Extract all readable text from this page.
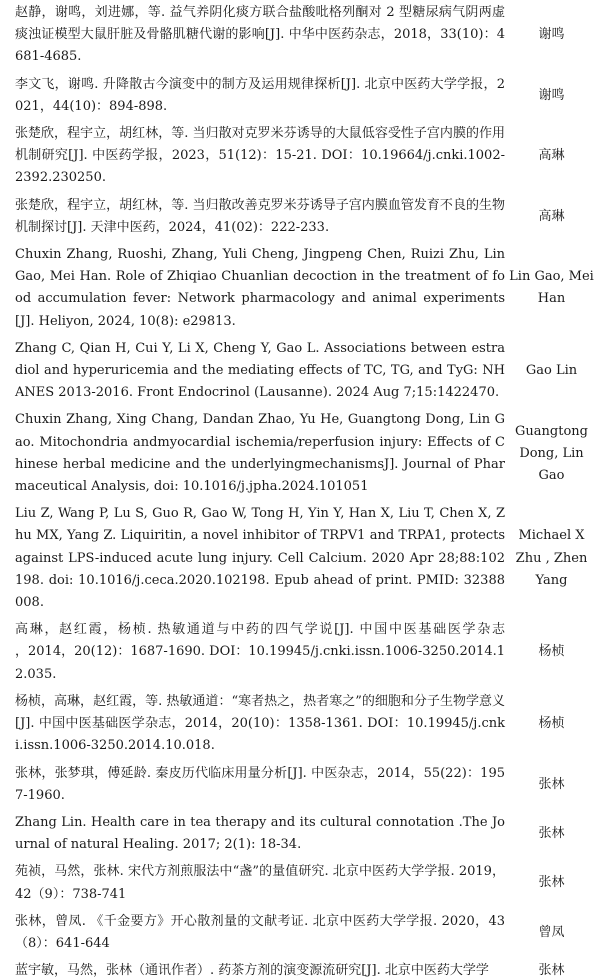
赵静，谢鸣，刘进娜，等. 益气养阴化痰方联合盐酸吡格列酮对 2 型糖尿病气阴两虚痰浊证模型大鼠肝脏及骨骼肌糖代谢的影响[J]. 中华中医药杂志，2018，33(10)：4681-4685.	谢鸣
李文飞，谢鸣. 升降散古今演变中的制方及运用规律探析[J]. 北京中医药大学学报，2021，44(10)：894-898.	谢鸣
张楚欣，程宇立，胡红林，等. 当归散对克罗米芬诱导的大鼠低容受性子宫内膜的作用机制研究[J]. 中医药学报，2023，51(12)：15-21. DOI：10.19664/j.cnki.1002-2392.230250.	高琳
张楚欣，程宇立，胡红林，等. 当归散改善克罗米芬诱导子宫内膜血管发育不良的生物机制探讨[J]. 天津中医药，2024，41(02)：222-233.	高琳
Chuxin Zhang, Ruoshi, Zhang, Yuli Cheng, Jingpeng Chen, Ruizi Zhu, Lin Gao, Mei Han. Role of Zhiqiao Chuanlian decoction in the treatment of food accumulation fever: Network pharmacology and animal experiments[J]. Heliyon, 2024, 10(8): e29813.	Lin Gao, Mei Han
Zhang C, Qian H, Cui Y, Li X, Cheng Y, Gao L. Associations between estradiol and hyperuricemia and the mediating effects of TC, TG, and TyG: NHANES 2013-2016. Front Endocrinol (Lausanne). 2024 Aug 7;15:1422470.	Gao Lin
Chuxin Zhang, Xing Chang, Dandan Zhao, Yu He, Guangtong Dong, Lin Gao. Mitochondria andmyocardial ischemia/reperfusion injury: Effects of Chinese herbal medicine and the underlyingmechanismsJ]. Journal of Pharmaceutical Analysis, doi: 10.1016/j.jpha.2024.101051	Guangtong Dong, Lin Gao
Liu Z, Wang P, Lu S, Guo R, Gao W, Tong H, Yin Y, Han X, Liu T, Chen X, Zhu MX, Yang Z. Liquiritin, a novel inhibitor of TRPV1 and TRPA1, protects against LPS-induced acute lung injury. Cell Calcium. 2020 Apr 28;88:102198. doi: 10.1016/j.ceca.2020.102198. Epub ahead of print. PMID: 32388008.	Michael X Zhu , Zhen Yang
高琳，赵红霞，杨桢. 热敏通道与中药的四气学说[J]. 中国中医基础医学杂志　　　　　，2014，20(12)：1687-1690. DOI：10.19945/j.cnki.issn.1006-3250.2014.12.035.	杨桢
杨桢，高琳，赵红霞，等. 热敏通道：“寒者热之，热者寒之”的细胞和分子生物学意义 [J]. 中国中医基础医学杂志，2014，20(10)：1358-1361. DOI：10.19945/j.cnki.issn.1006-3250.2014.10.018.	杨桢
张林，张梦琪，傅延龄. 秦皮历代临床用量分析[J]. 中医杂志，2014，55(22)：1957-1960.	张林
Zhang Lin. Health care in tea therapy and its cultural connotation .The Journal of natural Healing. 2017; 2(1): 18-34.	张林
苑祯，马然，张林. 宋代方剂煎服法中“盏”的量值研究. 北京中医药大学学报. 2019，42（9）：738-741	张林
张林，曾凤. 《千金要方》开心散剂量的文献考证. 北京中医药大学学报. 2020，43（8）：641-644	曾凤
蓝宇敏，马然，张林（通讯作者）. 药茶方剂的演变源流研究[J]. 北京中医药大学学	张林
